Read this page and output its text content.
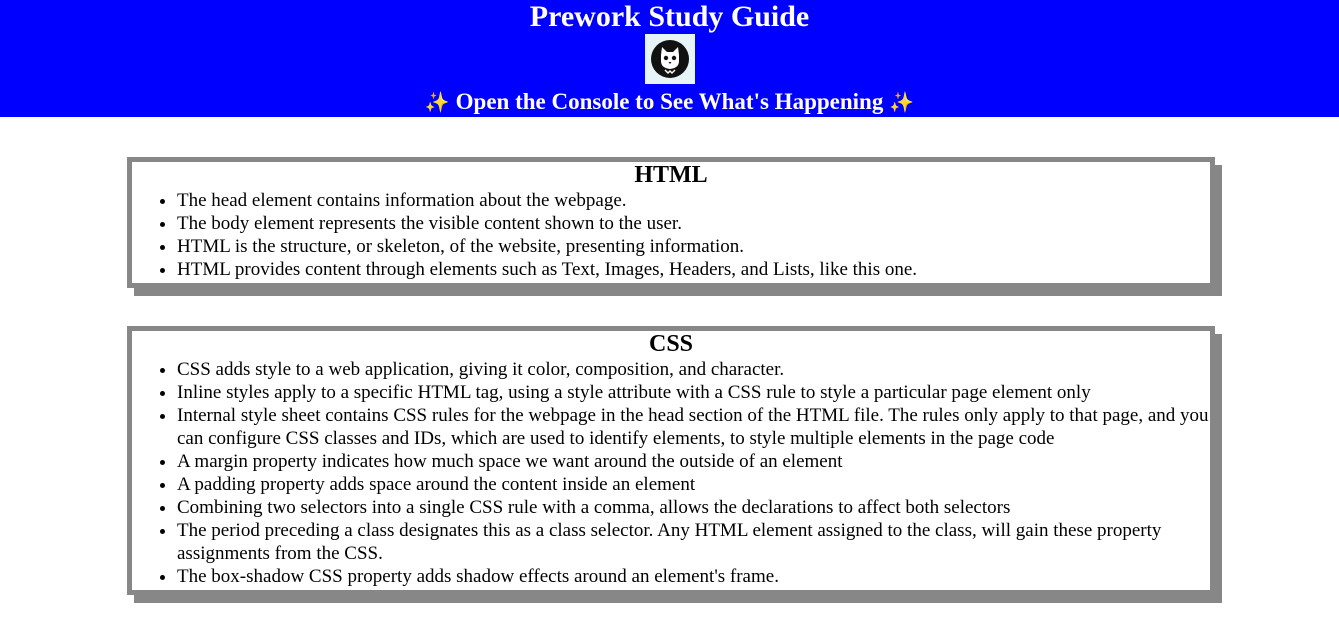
Prework Study Guide
✨ Open the Console to See What's Happening ✨
HTML
• The head element contains information about the webpage.
• The body element represents the visible content shown to the user.
• HTML is the structure, or skeleton, of the website, presenting information.
• HTML provides content through elements such as Text, Images, Headers, and Lists, like this one.
CSS
• CSS adds style to a web application, giving it color, composition, and character.
• Inline styles apply to a specific HTML tag, using a style attribute with a CSS rule to style a particular page element only
• Internal style sheet contains CSS rules for the webpage in the head section of the HTML file. The rules only apply to that page, and you can configure CSS classes and IDs, which are used to identify elements, to style multiple elements in the page code
• A margin property indicates how much space we want around the outside of an element
• A padding property adds space around the content inside an element
• Combining two selectors into a single CSS rule with a comma, allows the declarations to affect both selectors
• The period preceding a class designates this as a class selector. Any HTML element assigned to the class, will gain these property assignments from the CSS.
• The box-shadow CSS property adds shadow effects around an element's frame.
